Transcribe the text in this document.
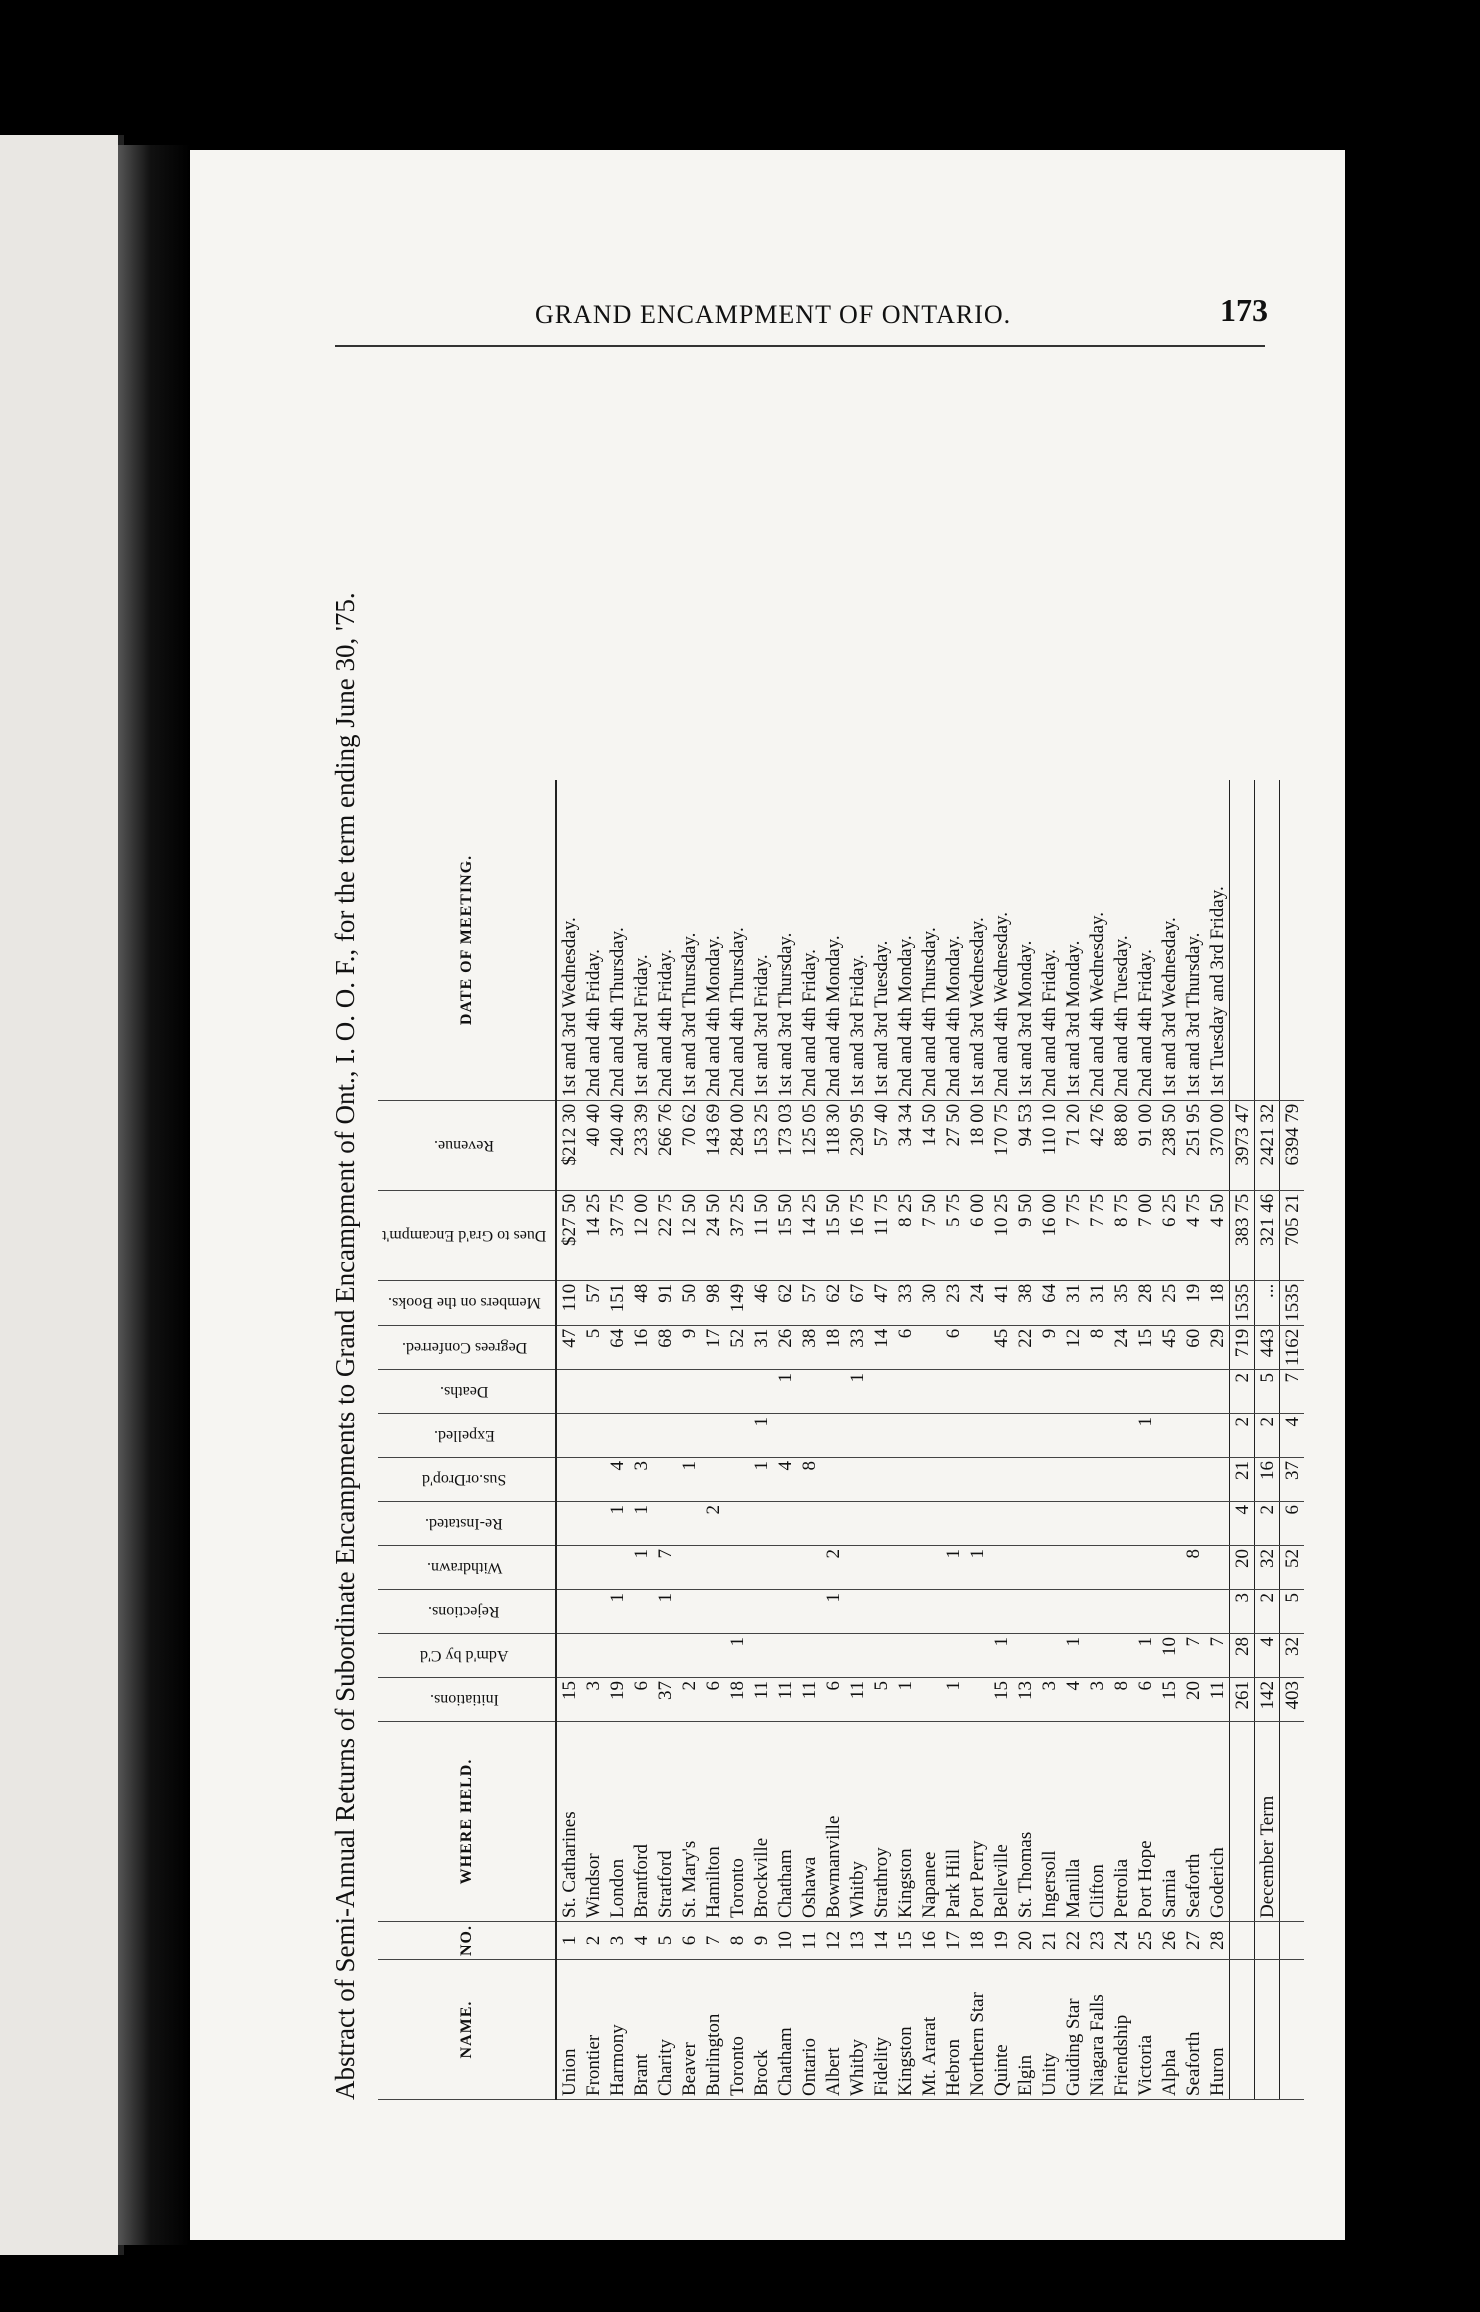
GRAND ENCAMPMENT OF ONTARIO.	173
Abstract of Semi-Annual Returns of Subordinate Encampments to Grand Encampment of Ont., I. O. O. F., for the term ending June 30, '75.	NAME.	NO.	WHERE HELD.	Initiations.	Adm'd by C'd	Rejections.	Withdrawn.	Re-Instated.	Sus.orDrop'd	Expelled.	Deaths.	Degrees Conferred.	Members on the Books.	Dues to Gra'd Encampm't	Revenue.	DATE OF MEETING.
Union	1	St. Catharines	15								47	110	$27 50	$212 30	1st and 3rd Wednesday.
Frontier	2	Windsor	3								5	57	14 25	40 40	2nd and 4th Friday.
Harmony	3	London	19		1		1	4			64	151	37 75	240 40	2nd and 4th Thursday.
Brant	4	Brantford	6			1	1	3			16	48	12 00	233 39	1st and 3rd Friday.
Charity	5	Stratford	37		1	7					68	91	22 75	266 76	2nd and 4th Friday.
Beaver	6	St. Mary's	2					1			9	50	12 50	70 62	1st and 3rd Thursday.
Burlington	7	Hamilton	6				2				17	98	24 50	143 69	2nd and 4th Monday.
Toronto	8	Toronto	18	1							52	149	37 25	284 00	2nd and 4th Thursday.
Brock	9	Brockville	11					1	1		31	46	11 50	153 25	1st and 3rd Friday.
Chatham	10	Chatham	11					4		1	26	62	15 50	173 03	1st and 3rd Thursday.
Ontario	11	Oshawa	11					8			38	57	14 25	125 05	2nd and 4th Friday.
Albert	12	Bowmanville	6		1	2					18	62	15 50	118 30	2nd and 4th Monday.
Whitby	13	Whitby	11							1	33	67	16 75	230 95	1st and 3rd Friday.
Fidelity	14	Strathroy	5								14	47	11 75	57 40	1st and 3rd Tuesday.
Kingston	15	Kingston	1								6	33	8 25	34 34	2nd and 4th Monday.
Mt. Ararat	16	Napanee										30	7 50	14 50	2nd and 4th Thursday.
Hebron	17	Park Hill	1			1					6	23	5 75	27 50	2nd and 4th Monday.
Northern Star	18	Port Perry				1						24	6 00	18 00	1st and 3rd Wednesday.
Quinte	19	Belleville	15	1							45	41	10 25	170 75	2nd and 4th Wednesday.
Elgin	20	St. Thomas	13								22	38	9 50	94 53	1st and 3rd Monday.
Unity	21	Ingersoll	3								9	64	16 00	110 10	2nd and 4th Friday.
Guiding Star	22	Manilla	4	1							12	31	7 75	71 20	1st and 3rd Monday.
Niagara Falls	23	Clifton	3								8	31	7 75	42 76	2nd and 4th Wednesday.
Friendship	24	Petrolia	8								24	35	8 75	88 80	2nd and 4th Tuesday.
Victoria	25	Port Hope	6	1					1		15	28	7 00	91 00	2nd and 4th Friday.
Alpha	26	Sarnia	15	10							45	25	6 25	238 50	1st and 3rd Wednesday.
Seaforth	27	Seaforth	20	7		8					60	19	4 75	251 95	1st and 3rd Thursday.
Huron	28	Goderich	11	7							29	18	4 50	370 00	1st Tuesday and 3rd Friday.
			261	28	3	20	4	21	2	2	719	1535	383 75	3973 47	
		December Term	142	4	2	32	2	16	2	5	443	...	321 46	2421 32	
			403	32	5	52	6	37	4	7	1162	1535	705 21	6394 79	
